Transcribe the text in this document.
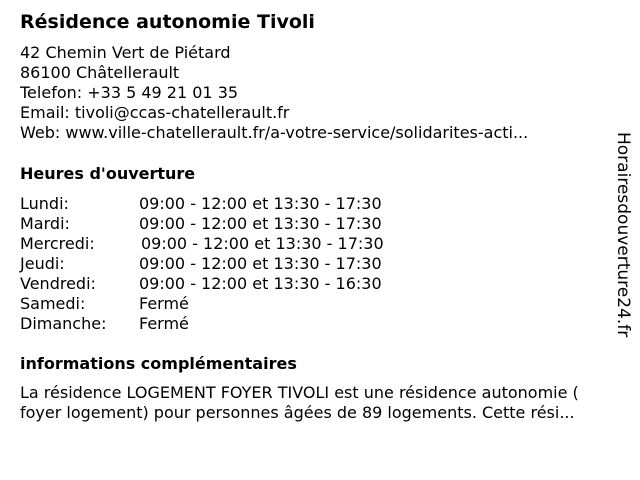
Résidence autonomie Tivoli
42 Chemin Vert de Piétard
86100 Châtellerault
Telefon: +33 5 49 21 01 35
Email: tivoli@ccas-chatellerault.fr
Web: www.ville-chatellerault.fr/a-votre-service/solidarites-acti...
Heures d'ouverture
Lundi:	09:00 - 12:00 et 13:30 - 17:30
Mardi:	09:00 - 12:00 et 13:30 - 17:30
Mercredi:	09:00 - 12:00 et 13:30 - 17:30
Jeudi:	09:00 - 12:00 et 13:30 - 17:30
Vendredi:	09:00 - 12:00 et 13:30 - 16:30
Samedi:	Fermé
Dimanche: Fermé
informations complémentaires
La résidence LOGEMENT FOYER TIVOLI est une résidence autonomie (
foyer logement) pour personnes âgées de 89 logements. Cette rési...
Horairesdouverture24.fr
